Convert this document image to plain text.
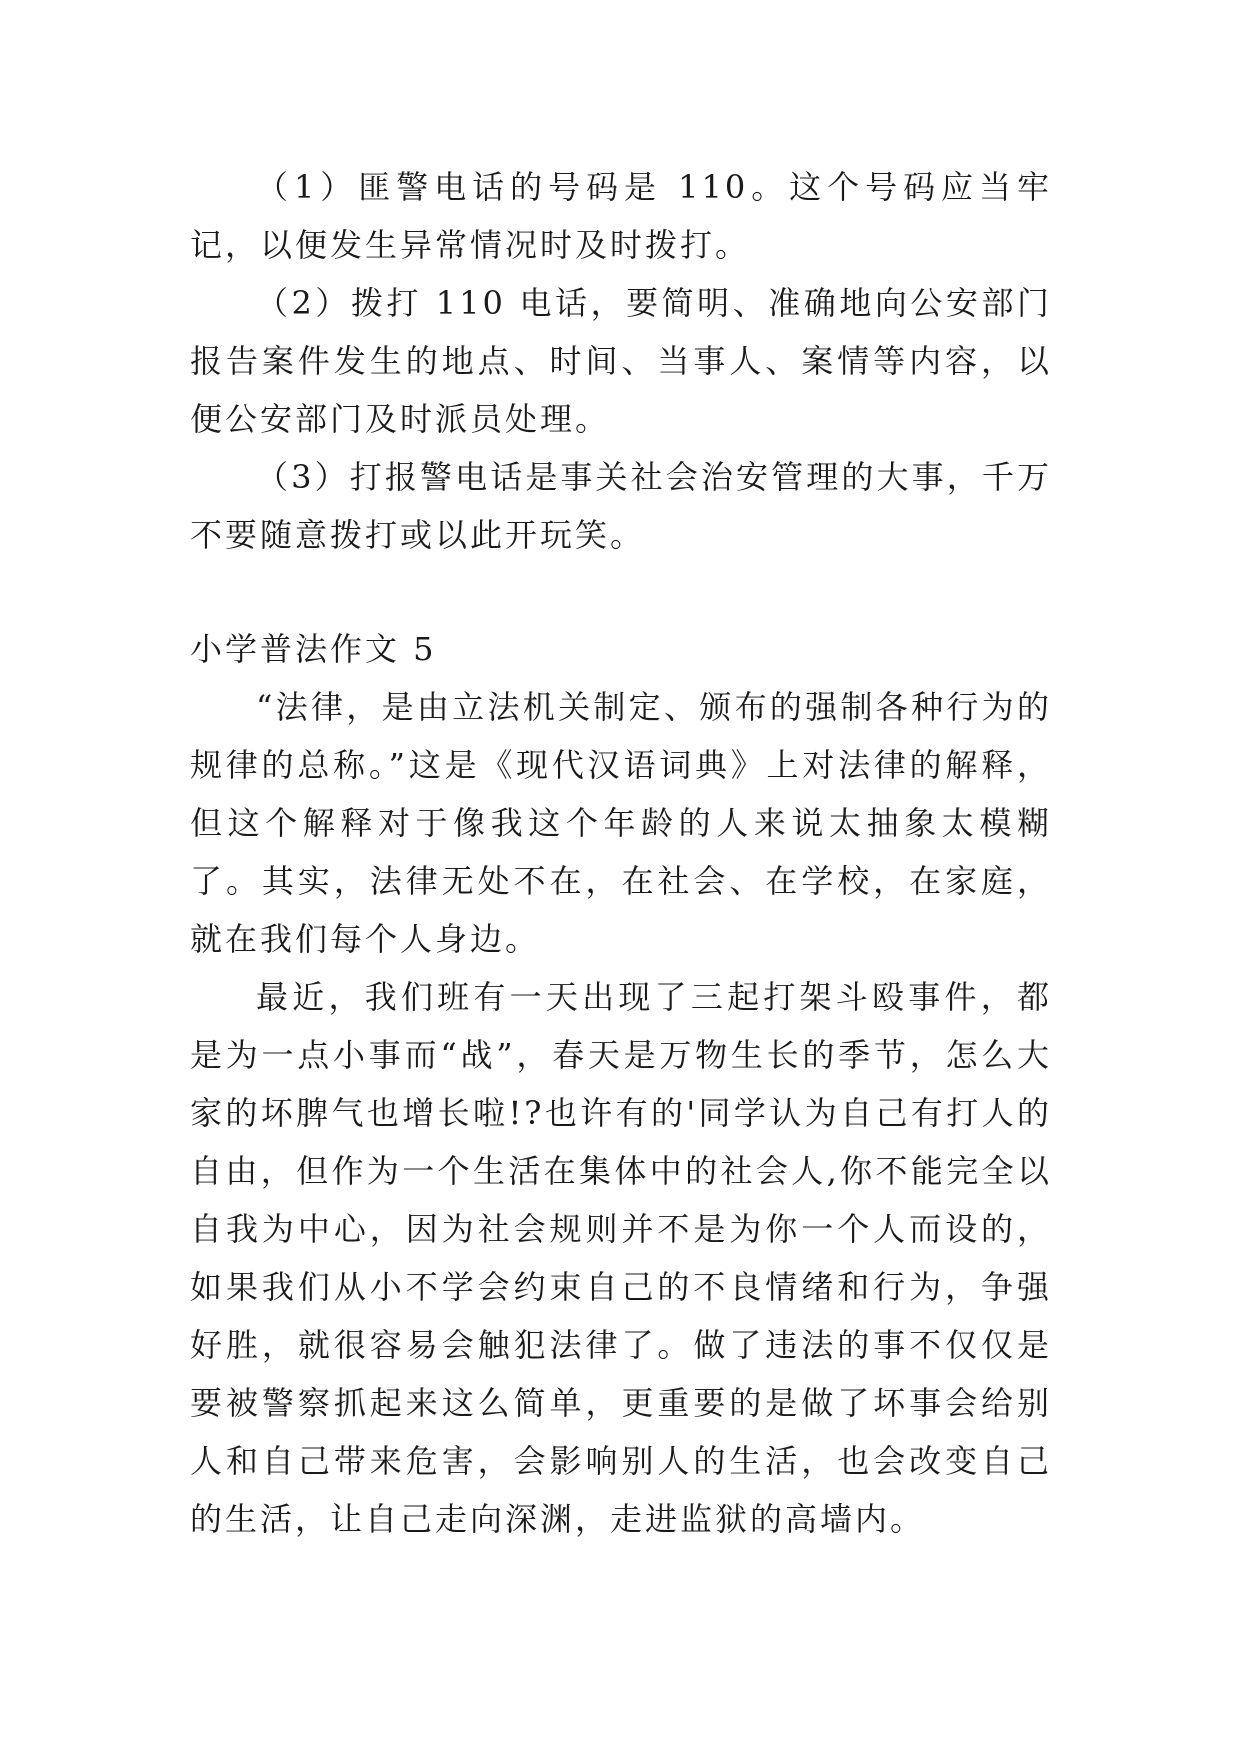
（1）匪警电话的号码是 110。这个号码应当牢记，以便发生异常情况时及时拨打。

（2）拨打 110 电话，要简明、准确地向公安部门报告案件发生的地点、时间、当事人、案情等内容，以便公安部门及时派员处理。

（3）打报警电话是事关社会治安管理的大事，千万不要随意拨打或以此开玩笑。

小学普法作文 5

“法律，是由立法机关制定、颁布的强制各种行为的规律的总称。”这是《现代汉语词典》上对法律的解释，但这个解释对于像我这个年龄的人来说太抽象太模糊了。其实，法律无处不在，在社会、在学校，在家庭，就在我们每个人身边。

最近，我们班有一天出现了三起打架斗殴事件，都是为一点小事而“战”，春天是万物生长的季节，怎么大家的坏脾气也增长啦!?也许有的'同学认为自己有打人的自由，但作为一个生活在集体中的社会人,你不能完全以自我为中心，因为社会规则并不是为你一个人而设的，如果我们从小不学会约束自己的不良情绪和行为，争强好胜，就很容易会触犯法律了。做了违法的事不仅仅是要被警察抓起来这么简单，更重要的是做了坏事会给别人和自己带来危害，会影响别人的生活，也会改变自己的生活，让自己走向深渊，走进监狱的高墙内。
